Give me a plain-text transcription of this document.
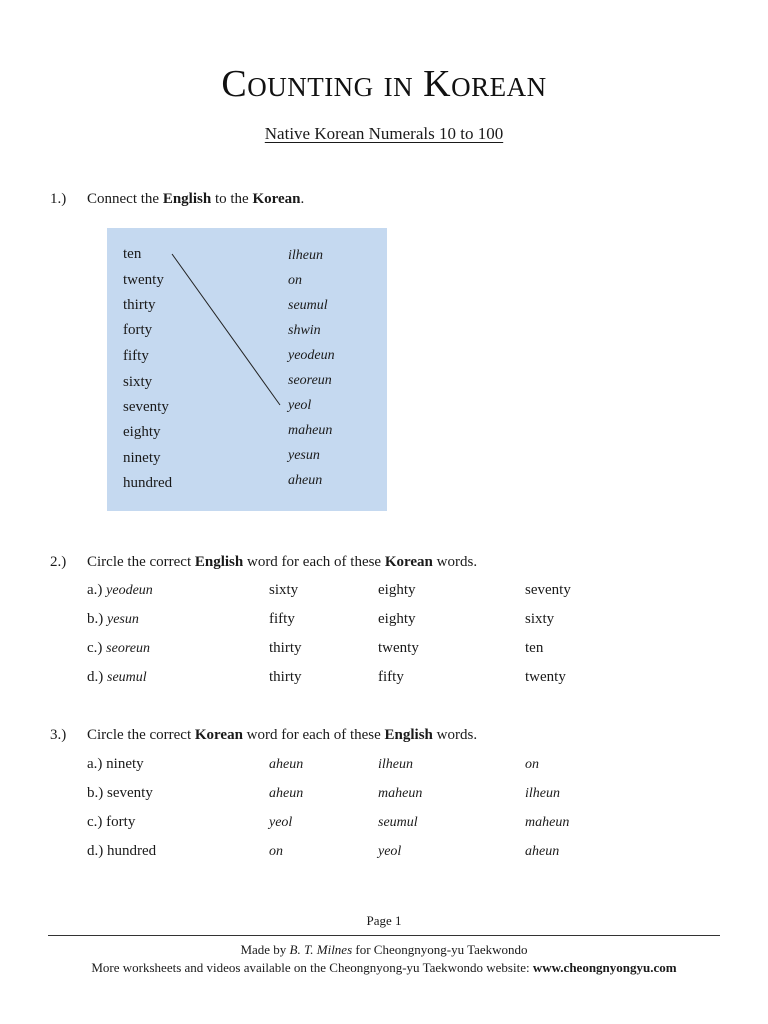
Counting in Korean
Native Korean Numerals 10 to 100
1.) Connect the English to the Korean.
ten
twenty
thirty
forty
fifty
sixty
seventy
eighty
ninety
hundred
ilheun
on
seumul
shwin
yeodeun
seoreun
yeol
maheun
yesun
aheun
2.) Circle the correct English word for each of these Korean words.
a.) yeodeun	sixty	eighty	seventy
b.) yesun	fifty	eighty	sixty
c.) seoreun	thirty	twenty	ten
d.) seumul	thirty	fifty	twenty
3.) Circle the correct Korean word for each of these English words.
a.) ninety	aheun	ilheun	on
b.) seventy	aheun	maheun	ilheun
c.) forty	yeol	seumul	maheun
d.) hundred	on	yeol	aheun
Page 1
Made by B. T. Milnes for Cheongnyong-yu Taekwondo
More worksheets and videos available on the Cheongnyong-yu Taekwondo website: www.cheongnyongyu.com
